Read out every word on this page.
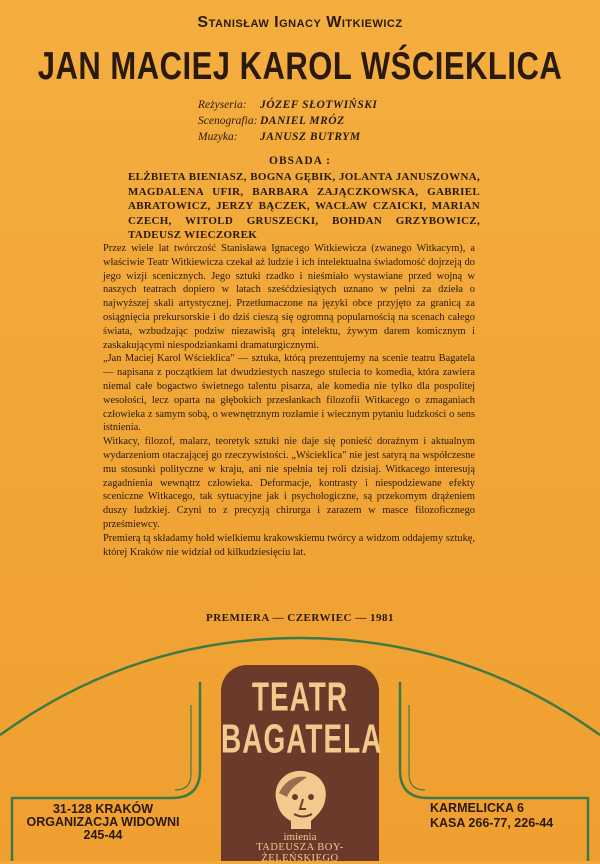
Stanisław Ignacy Witkiewicz
JAN MACIEJ KAROL WŚCIEKLICA
Reżyseria:	JÓZEF SŁOTWIŃSKI
Scenografia: DANIEL MRÓZ
Muzyka:	JANUSZ BUTRYM
OBSADA :
ELŻBIETA BIENIASZ, BOGNA GĘBIK, JOLANTA JANUSZOWNA, MAGDALENA UFIR, BARBARA ZAJĄCZKOWSKA, GABRIEL ABRATOWICZ, JERZY BĄCZEK, WACŁAW CZAICKI, MARIAN CZECH, WITOLD GRUSZECKI, BOHDAN GRZYBOWICZ, TADEUSZ WIECZOREK

Przez wiele lat twórczość Stanisława Ignacego Witkiewicza (zwanego Witkacym), a właściwie Teatr Witkiewicza czekał aż ludzie i ich intelektualna świadomość dojrzeją do jego wizji scenicznych. Jego sztuki rzadko i nieśmiało wystawiane przed wojną w naszych teatrach dopiero w latach sześćdziesiątych uznano w pełni za dzieła o najwyższej skali artystycznej. Przetłumaczone na języki obce przyjęto za granicą za osiągnięcia prekursorskie i do dziś cieszą się ogromną popularnością na scenach całego świata, wzbudzając podziw niezawisłą grą intelektu, żywym darem komicznym i zaskakującymi niespodziankami dramaturgicznymi.

„Jan Maciej Karol Wścieklica" — sztuka, którą prezentujemy na scenie teatru Bagatela — napisana z początkiem lat dwudziestych naszego stulecia to komedia, która zawiera niemal całe bogactwo świetnego talentu pisarza, ale komedia nie tylko dla pospolitej wesołości, lecz oparta na głębokich przesłankach filozofii Witkacego o zmaganiach człowieka z samym sobą, o wewnętrznym rozłamie i wiecznym pytaniu ludzkości o sens istnienia.

Witkacy, filozof, malarz, teoretyk sztuki nie daje się ponieść doraźnym i aktualnym wydarzeniom otaczającej go rzeczywistości. „Wścieklica" nie jest satyrą na współczesne mu stosunki polityczne w kraju, ani nie spełnia tej roli dzisiaj. Witkacego interesują zagadnienia wewnątrz człowieka. Deformacje, kontrasty i niespodziewane efekty sceniczne Witkacego, tak sytuacyjne jak i psychologiczne, są przekornym drążeniem duszy ludzkiej. Czyni to z precyzją chirurga i zarazem w masce filozoficznego prześmiewcy.

Premierą tą składamy hołd wielkiemu krakowskiemu twórcy a widzom oddajemy sztukę, której Kraków nie widział od kilkudziesięciu lat.

PREMIERA — CZERWIEC — 1981
TEATR
BAGATELA
imienia
TADEUSZA BOY-ŻELEŃSKIEGO
31-128 KRAKÓW
ORGANIZACJA WIDOWNI
245-44
KARMELICKA 6
KASA 266-77, 226-44
